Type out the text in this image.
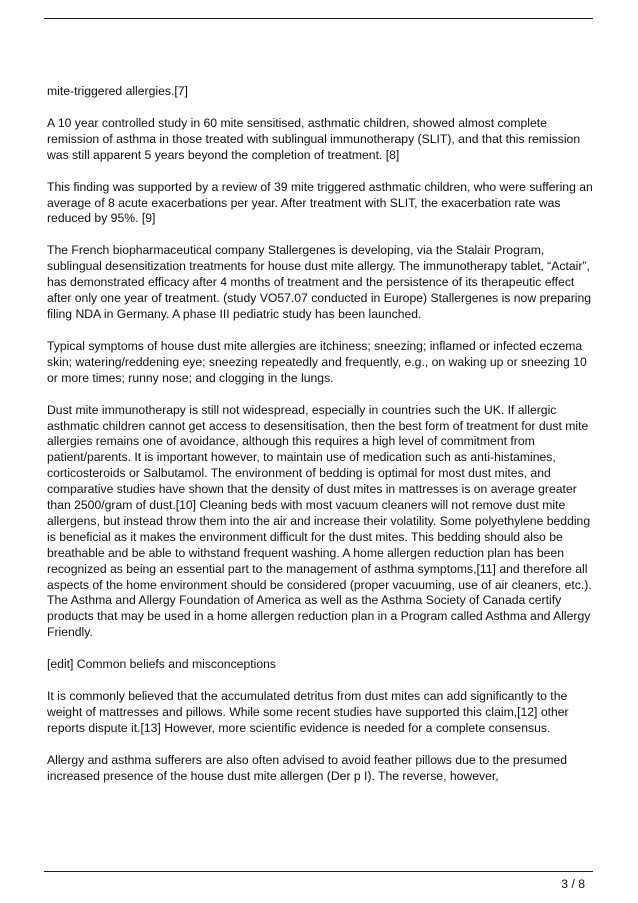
mite-triggered allergies.[7]

A 10 year controlled study in 60 mite sensitised, asthmatic children, showed almost complete remission of asthma in those treated with sublingual immunotherapy (SLIT), and that this remission was still apparent 5 years beyond the completion of treatment. [8]

This finding was supported by a review of 39 mite triggered asthmatic children, who were suffering an average of 8 acute exacerbations per year. After treatment with SLIT, the exacerbation rate was reduced by 95%. [9]

The French biopharmaceutical company Stallergenes is developing, via the Stalair Program, sublingual desensitization treatments for house dust mite allergy. The immunotherapy tablet, “Actair”, has demonstrated efficacy after 4 months of treatment and the persistence of its therapeutic effect after only one year of treatment. (study VO57.07 conducted in Europe) Stallergenes is now preparing filing NDA in Germany. A phase III pediatric study has been launched.

Typical symptoms of house dust mite allergies are itchiness; sneezing; inflamed or infected eczema skin; watering/reddening eye; sneezing repeatedly and frequently, e.g., on waking up or sneezing 10 or more times; runny nose; and clogging in the lungs.

Dust mite immunotherapy is still not widespread, especially in countries such the UK. If allergic asthmatic children cannot get access to desensitisation, then the best form of treatment for dust mite allergies remains one of avoidance, although this requires a high level of commitment from patient/parents. It is important however, to maintain use of medication such as anti-histamines, corticosteroids or Salbutamol. The environment of bedding is optimal for most dust mites, and comparative studies have shown that the density of dust mites in mattresses is on average greater than 2500/gram of dust.[10] Cleaning beds with most vacuum cleaners will not remove dust mite allergens, but instead throw them into the air and increase their volatility. Some polyethylene bedding is beneficial as it makes the environment difficult for the dust mites. This bedding should also be breathable and be able to withstand frequent washing. A home allergen reduction plan has been recognized as being an essential part to the management of asthma symptoms,[11] and therefore all aspects of the home environment should be considered (proper vacuuming, use of air cleaners, etc.). The Asthma and Allergy Foundation of America as well as the Asthma Society of Canada certify products that may be used in a home allergen reduction plan in a Program called Asthma and Allergy Friendly.

[edit] Common beliefs and misconceptions

It is commonly believed that the accumulated detritus from dust mites can add significantly to the weight of mattresses and pillows. While some recent studies have supported this claim,[12] other reports dispute it.[13] However, more scientific evidence is needed for a complete consensus.

Allergy and asthma sufferers are also often advised to avoid feather pillows due to the presumed increased presence of the house dust mite allergen (Der p I). The reverse, however,

3 / 8
